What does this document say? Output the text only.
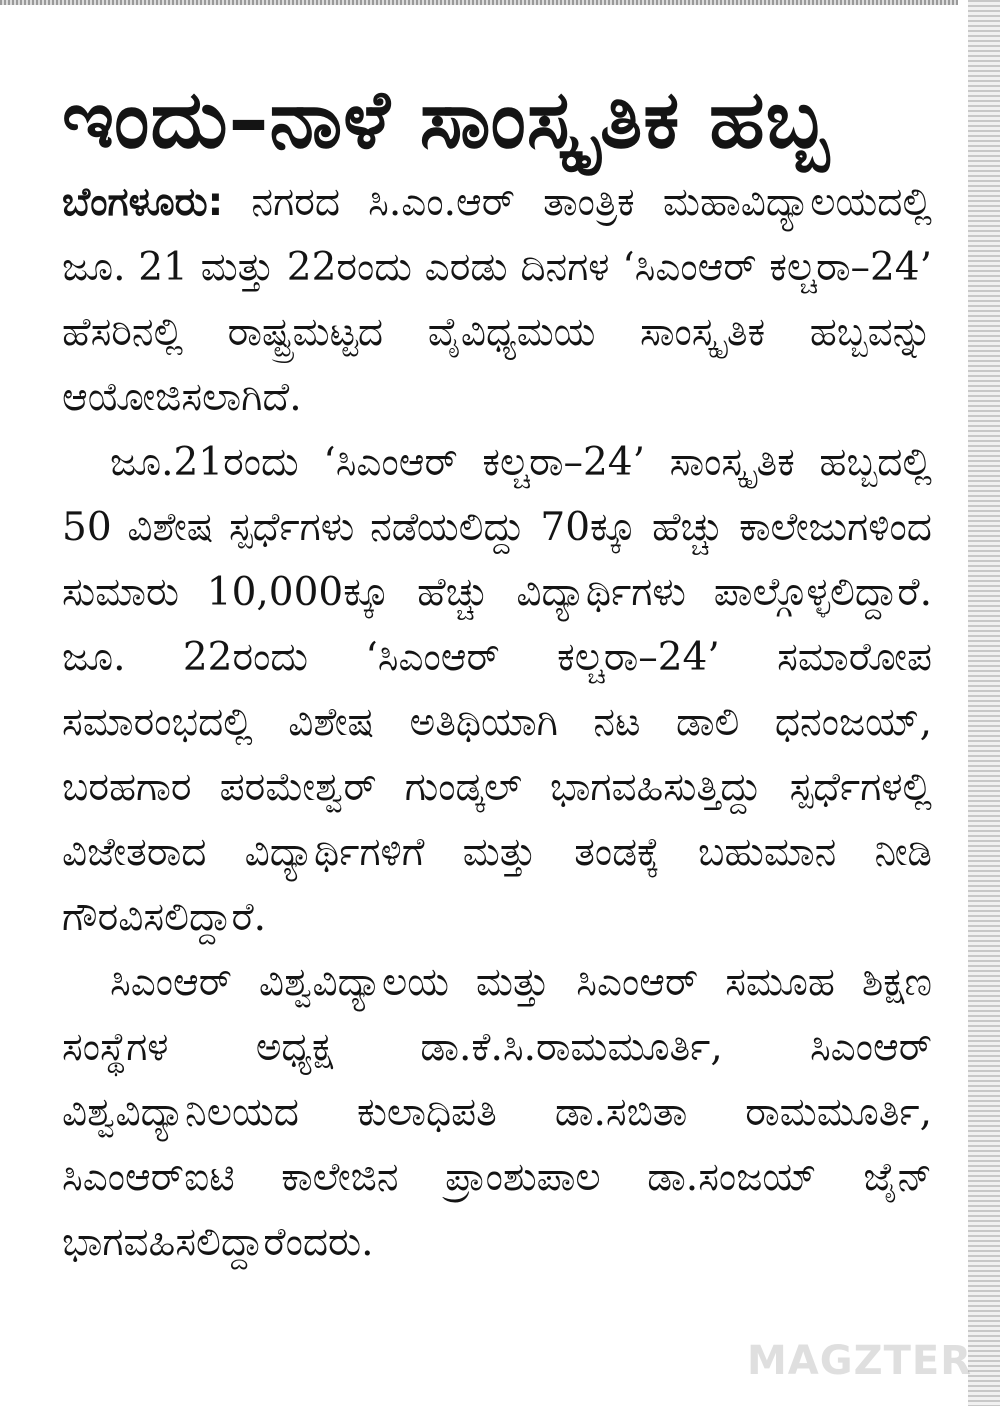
ಇಂದು–ನಾಳೆ ಸಾಂಸ್ಕೃತಿಕ ಹಬ್ಬ

ಬೆಂಗಳೂರು: ನಗರದ ಸಿ.ಎಂ.ಆರ್ ತಾಂತ್ರಿಕ ಮಹಾವಿದ್ಯಾಲಯದಲ್ಲಿ ಜೂ. 21 ಮತ್ತು 22ರಂದು ಎರಡು ದಿನಗಳ ‘ಸಿಎಂಆರ್ ಕಲ್ಚರಾ–24’ ಹೆಸರಿನಲ್ಲಿ ರಾಷ್ಟ್ರಮಟ್ಟದ ವೈವಿಧ್ಯಮಯ ಸಾಂಸ್ಕೃತಿಕ ಹಬ್ಬವನ್ನು ಆಯೋಜಿಸಲಾಗಿದೆ.

ಜೂ.21ರಂದು ‘ಸಿಎಂಆರ್ ಕಲ್ಚರಾ–24’ ಸಾಂಸ್ಕೃತಿಕ ಹಬ್ಬದಲ್ಲಿ 50 ವಿಶೇಷ ಸ್ಪರ್ಧೆಗಳು ನಡೆಯಲಿದ್ದು 70ಕ್ಕೂ ಹೆಚ್ಚು ಕಾಲೇಜುಗಳಿಂದ ಸುಮಾರು 10,000ಕ್ಕೂ ಹೆಚ್ಚು ವಿದ್ಯಾರ್ಥಿಗಳು ಪಾಲ್ಗೊಳ್ಳಲಿದ್ದಾರೆ. ಜೂ. 22ರಂದು ‘ಸಿಎಂಆರ್ ಕಲ್ಚರಾ–24’ ಸಮಾರೋಪ ಸಮಾರಂಭದಲ್ಲಿ ವಿಶೇಷ ಅತಿಥಿಯಾಗಿ ನಟ ಡಾಲಿ ಧನಂಜಯ್, ಬರಹಗಾರ ಪರಮೇಶ್ವರ್ ಗುಂಡ್ಕಲ್ ಭಾಗವಹಿಸುತ್ತಿದ್ದು ಸ್ಪರ್ಧೆಗಳಲ್ಲಿ ವಿಜೇತರಾದ ವಿದ್ಯಾರ್ಥಿಗಳಿಗೆ ಮತ್ತು ತಂಡಕ್ಕೆ ಬಹುಮಾನ ನೀಡಿ ಗೌರವಿಸಲಿದ್ದಾರೆ.

ಸಿಎಂಆರ್ ವಿಶ್ವವಿದ್ಯಾಲಯ ಮತ್ತು ಸಿಎಂಆರ್ ಸಮೂಹ ಶಿಕ್ಷಣ ಸಂಸ್ಥೆಗಳ ಅಧ್ಯಕ್ಷ ಡಾ.ಕೆ.ಸಿ.ರಾಮಮೂರ್ತಿ, ಸಿಎಂಆರ್ ವಿಶ್ವವಿದ್ಯಾನಿಲಯದ ಕುಲಾಧಿಪತಿ ಡಾ.ಸಬಿತಾ ರಾಮಮೂರ್ತಿ, ಸಿಎಂಆರ್‌ಐಟಿ ಕಾಲೇಜಿನ ಪ್ರಾಂಶುಪಾಲ ಡಾ.ಸಂಜಯ್ ಜೈನ್ ಭಾಗವಹಿಸಲಿದ್ದಾರೆಂದರು.

MAGZTER
